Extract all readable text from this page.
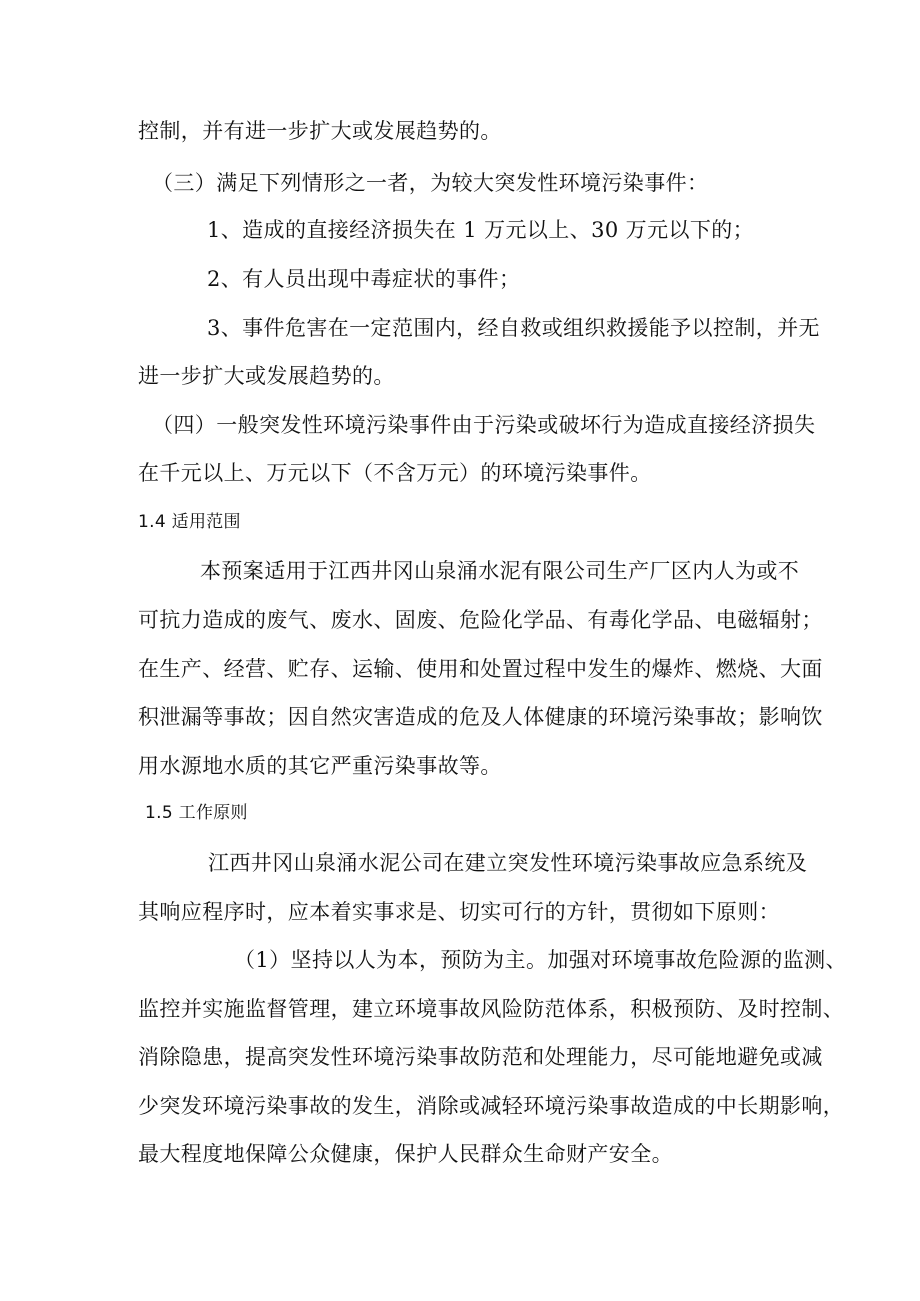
控制，并有进一步扩大或发展趋势的。
（三）满足下列情形之一者，为较大突发性环境污染事件：
1、造成的直接经济损失在 1 万元以上、30 万元以下的；
2、有人员出现中毒症状的事件；
3、事件危害在一定范围内，经自救或组织救援能予以控制，并无
进一步扩大或发展趋势的。
（四）一般突发性环境污染事件由于污染或破坏行为造成直接经济损失
在千元以上、万元以下（不含万元）的环境污染事件。
1.4 适用范围
本预案适用于江西井冈山泉涌水泥有限公司生产厂区内人为或不
可抗力造成的废气、废水、固废、危险化学品、有毒化学品、电磁辐射；
在生产、经营、贮存、运输、使用和处置过程中发生的爆炸、燃烧、大面
积泄漏等事故；因自然灾害造成的危及人体健康的环境污染事故；影响饮
用水源地水质的其它严重污染事故等。
1.5 工作原则
江西井冈山泉涌水泥公司在建立突发性环境污染事故应急系统及
其响应程序时，应本着实事求是、切实可行的方针，贯彻如下原则：
（1）坚持以人为本，预防为主。加强对环境事故危险源的监测、
监控并实施监督管理，建立环境事故风险防范体系，积极预防、及时控制、
消除隐患，提高突发性环境污染事故防范和处理能力，尽可能地避免或减
少突发环境污染事故的发生，消除或减轻环境污染事故造成的中长期影响，
最大程度地保障公众健康，保护人民群众生命财产安全。
